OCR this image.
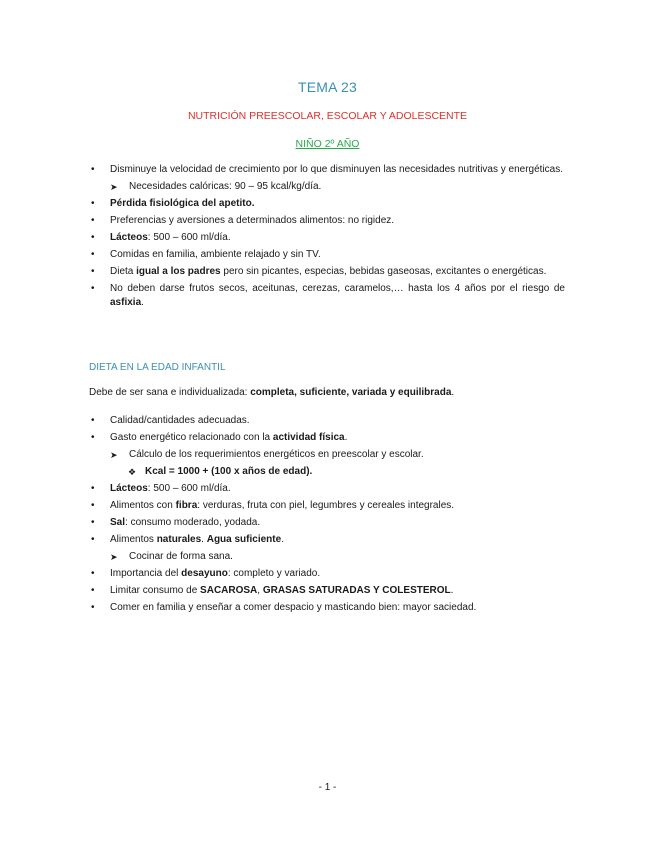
TEMA 23
NUTRICIÓN PREESCOLAR, ESCOLAR Y ADOLESCENTE
NIÑO 2º AÑO
• Disminuye la velocidad de crecimiento por lo que disminuyen las necesidades nutritivas y energéticas.
➤ Necesidades calóricas: 90 – 95 kcal/kg/día.
• Pérdida fisiológica del apetito.
• Preferencias y aversiones a determinados alimentos: no rigidez.
• Lácteos: 500 – 600 ml/día.
• Comidas en familia, ambiente relajado y sin TV.
• Dieta igual a los padres pero sin picantes, especias, bebidas gaseosas, excitantes o energéticas.
• No deben darse frutos secos, aceitunas, cerezas, caramelos,… hasta los 4 años por el riesgo de asfixia.
DIETA EN LA EDAD INFANTIL
Debe de ser sana e individualizada: completa, suficiente, variada y equilibrada.
• Calidad/cantidades adecuadas.
• Gasto energético relacionado con la actividad física.
➤ Cálculo de los requerimientos energéticos en preescolar y escolar.
❖ Kcal = 1000 + (100 x años de edad).
• Lácteos: 500 – 600 ml/día.
• Alimentos con fibra: verduras, fruta con piel, legumbres y cereales integrales.
• Sal: consumo moderado, yodada.
• Alimentos naturales. Agua suficiente.
➤ Cocinar de forma sana.
• Importancia del desayuno: completo y variado.
• Limitar consumo de SACAROSA, GRASAS SATURADAS Y COLESTEROL.
• Comer en familia y enseñar a comer despacio y masticando bien: mayor saciedad.
- 1 -
